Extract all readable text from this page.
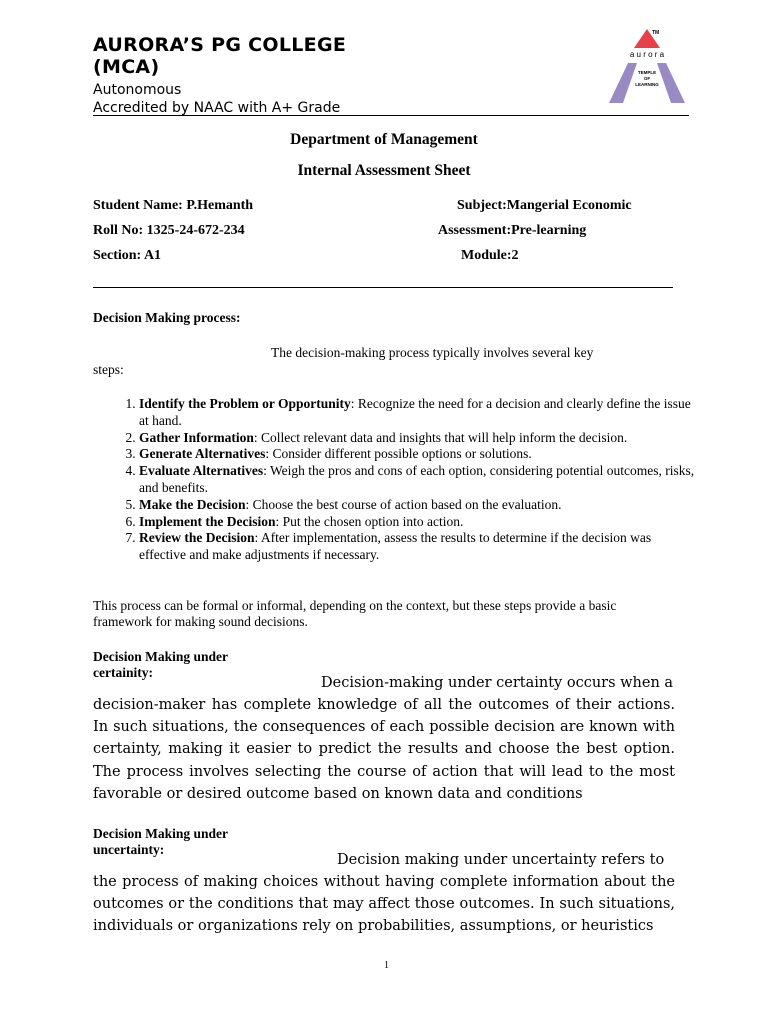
AURORA’S PG COLLEGE (MCA)
Autonomous
Accredited by NAAC with A+ Grade
TM
a u r o r a
TEMPLE
OF
LEARNING
Department of Management
Internal Assessment Sheet
Student Name: P.Hemanth	Subject:Mangerial Economic
Roll No: 1325-24-672-234	Assessment:Pre-learning
Section: A1	Module:2
Decision Making process:
The decision-making process typically involves several key
steps:
1. Identify the Problem or Opportunity: Recognize the need for a decision and clearly define the issue at hand.
2. Gather Information: Collect relevant data and insights that will help inform the decision.
3. Generate Alternatives: Consider different possible options or solutions.
4. Evaluate Alternatives: Weigh the pros and cons of each option, considering potential outcomes, risks, and benefits.
5. Make the Decision: Choose the best course of action based on the evaluation.
6. Implement the Decision: Put the chosen option into action.
7. Review the Decision: After implementation, assess the results to determine if the decision was effective and make adjustments if necessary.
This process can be formal or informal, depending on the context, but these steps provide a basic framework for making sound decisions.
Decision Making under certainity:
Decision-making under certainty occurs when a
decision-maker has complete knowledge of all the outcomes of their actions. In such situations, the consequences of each possible decision are known with certainty, making it easier to predict the results and choose the best option. The process involves selecting the course of action that will lead to the most favorable or desired outcome based on known data and conditions
Decision Making under uncertainty:
Decision making under uncertainty refers to
the process of making choices without having complete information about the outcomes or the conditions that may affect those outcomes. In such situations, individuals or organizations rely on probabilities, assumptions, or heuristics
1
